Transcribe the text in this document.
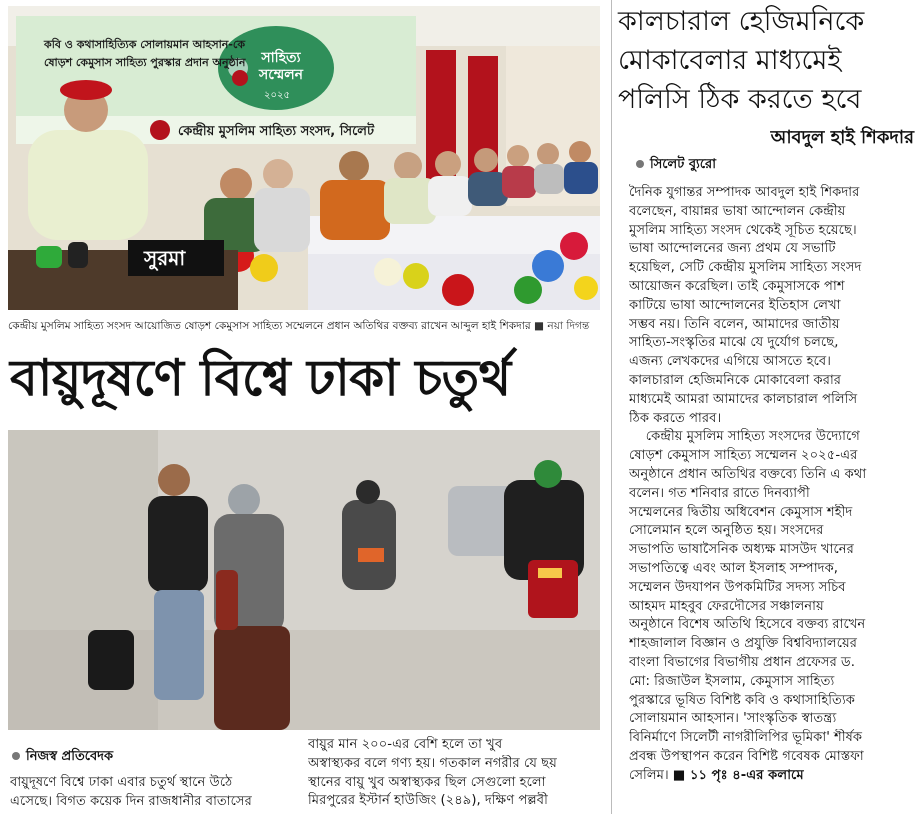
কবি ও কথাসাহিত্যিক সোলায়মান আহসান-কে
ষোড়শ কেমুসাস সাহিত্য পুরস্কার প্রদান অনুষ্ঠান	সাহিত্য সম্মেলন
২০২৫
কেন্দ্রীয় মুসলিম সাহিত্য সংসদ, সিলেট
সুরমা
কেন্দ্রীয় মুসলিম সাহিত্য সংসদ আয়োজিত ষোড়শ কেমুসাস সাহিত্য সম্মেলনে প্রধান অতিথির বক্তব্য রাখেন আব্দুল হাই শিকদার ■ নয়া দিগন্ত
বায়ুদূষণে বিশ্বে ঢাকা চতুর্থ
নিজস্ব প্রতিবেদক
বায়ুদূষণে বিশ্বে ঢাকা এবার চতুর্থ স্থানে উঠে
এসেছে। বিগত কয়েক দিন রাজধানীর বাতাসের
বায়ুর মান ২০০-এর বেশি হলে তা খুব
অস্বাস্থ্যকর বলে গণ্য হয়। গতকাল নগরীর যে ছয়
স্থানের বায়ু খুব অস্বাস্থ্যকর ছিল সেগুলো হলো
মিরপুরের ইস্টার্ন হাউজিং (২৪৯), দক্ষিণ পল্লবী
কালচারাল হেজিমনিকে
মোকাবেলার মাধ্যমেই
পলিসি ঠিক করতে হবে
আবদুল হাই শিকদার
সিলেট ব্যুরো
দৈনিক যুগান্তর সম্পাদক আবদুল হাই শিকদার
বলেছেন, বায়ান্নর ভাষা আন্দোলন কেন্দ্রীয়
মুসলিম সাহিত্য সংসদ থেকেই সূচিত হয়েছে।
ভাষা আন্দোলনের জন্য প্রথম যে সভাটি
হয়েছিল, সেটি কেন্দ্রীয় মুসলিম সাহিত্য সংসদ
আয়োজন করেছিল। তাই কেমুসাসকে পাশ
কাটিয়ে ভাষা আন্দোলনের ইতিহাস লেখা
সম্ভব নয়। তিনি বলেন, আমাদের জাতীয়
সাহিত্য-সংস্কৃতির মাঝে যে দুর্যোগ চলছে,
এজন্য লেখকদের এগিয়ে আসতে হবে।
কালচারাল হেজিমনিকে মোকাবেলা করার
মাধ্যমেই আমরা আমাদের কালচারাল পলিসি
ঠিক করতে পারব।
কেন্দ্রীয় মুসলিম সাহিত্য সংসদের উদ্যোগে
ষোড়শ কেমুসাস সাহিত্য সম্মেলন ২০২৫-এর
অনুষ্ঠানে প্রধান অতিথির বক্তব্যে তিনি এ কথা
বলেন। গত শনিবার রাতে দিনব্যাপী
সম্মেলনের দ্বিতীয় অধিবেশন কেমুসাস শহীদ
সোলেমান হলে অনুষ্ঠিত হয়। সংসদের
সভাপতি ভাষাসৈনিক অধ্যক্ষ মাসউদ খানের
সভাপতিত্বে এবং আল ইসলাহ সম্পাদক,
সম্মেলন উদযাপন উপকমিটির সদস্য সচিব
আহমদ মাহবুব ফেরদৌসের সঞ্চালনায়
অনুষ্ঠানে বিশেষ অতিথি হিসেবে বক্তব্য রাখেন
শাহজালাল বিজ্ঞান ও প্রযুক্তি বিশ্ববিদ্যালয়ের
বাংলা বিভাগের বিভাগীয় প্রধান প্রফেসর ড.
মো: রিজাউল ইসলাম, কেমুসাস সাহিত্য
পুরস্কারে ভূষিত বিশিষ্ট কবি ও কথাসাহিত্যিক
সোলায়মান আহসান। 'সাংস্কৃতিক স্বাতন্ত্র্য
বিনির্মাণে সিলেটী নাগরীলিপির ভূমিকা' শীর্ষক
প্রবন্ধ উপস্থাপন করেন বিশিষ্ট গবেষক মোস্তফা
সেলিম। ■ ১১ পৃঃ ৪-এর কলামে
